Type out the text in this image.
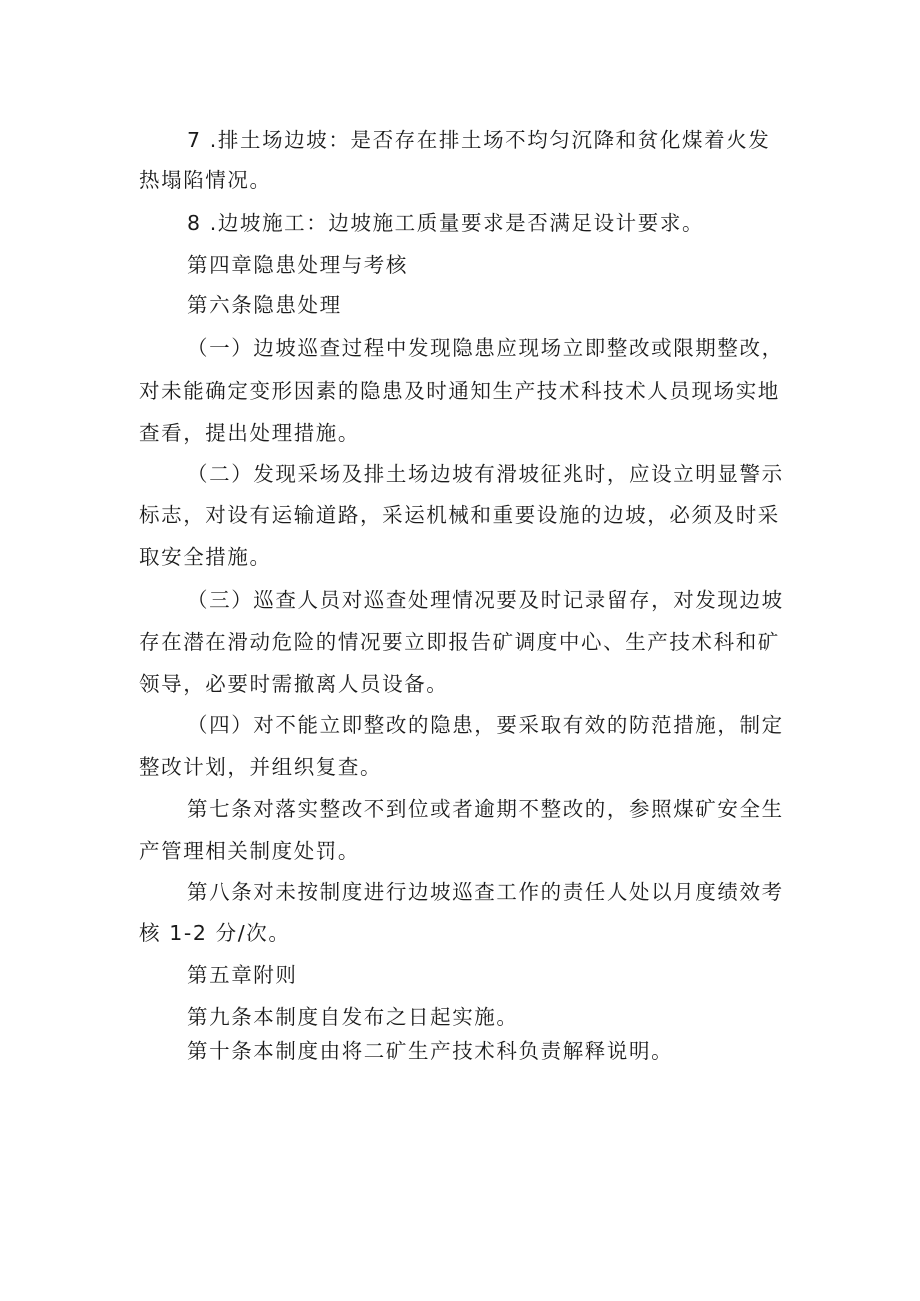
7 .排土场边坡：是否存在排土场不均匀沉降和贫化煤着火发
热塌陷情况。
8 .边坡施工：边坡施工质量要求是否满足设计要求。
第四章隐患处理与考核
第六条隐患处理
（一）边坡巡查过程中发现隐患应现场立即整改或限期整改，
对未能确定变形因素的隐患及时通知生产技术科技术人员现场实地
查看，提出处理措施。
（二）发现采场及排土场边坡有滑坡征兆时，应设立明显警示
标志，对设有运输道路，采运机械和重要设施的边坡，必须及时采
取安全措施。
（三）巡查人员对巡查处理情况要及时记录留存，对发现边坡
存在潜在滑动危险的情况要立即报告矿调度中心、生产技术科和矿
领导，必要时需撤离人员设备。
（四）对不能立即整改的隐患，要采取有效的防范措施，制定
整改计划，并组织复查。
第七条对落实整改不到位或者逾期不整改的，参照煤矿安全生
产管理相关制度处罚。
第八条对未按制度进行边坡巡查工作的责任人处以月度绩效考
核 1-2 分/次。
第五章附则
第九条本制度自发布之日起实施。
第十条本制度由将二矿生产技术科负责解释说明。
